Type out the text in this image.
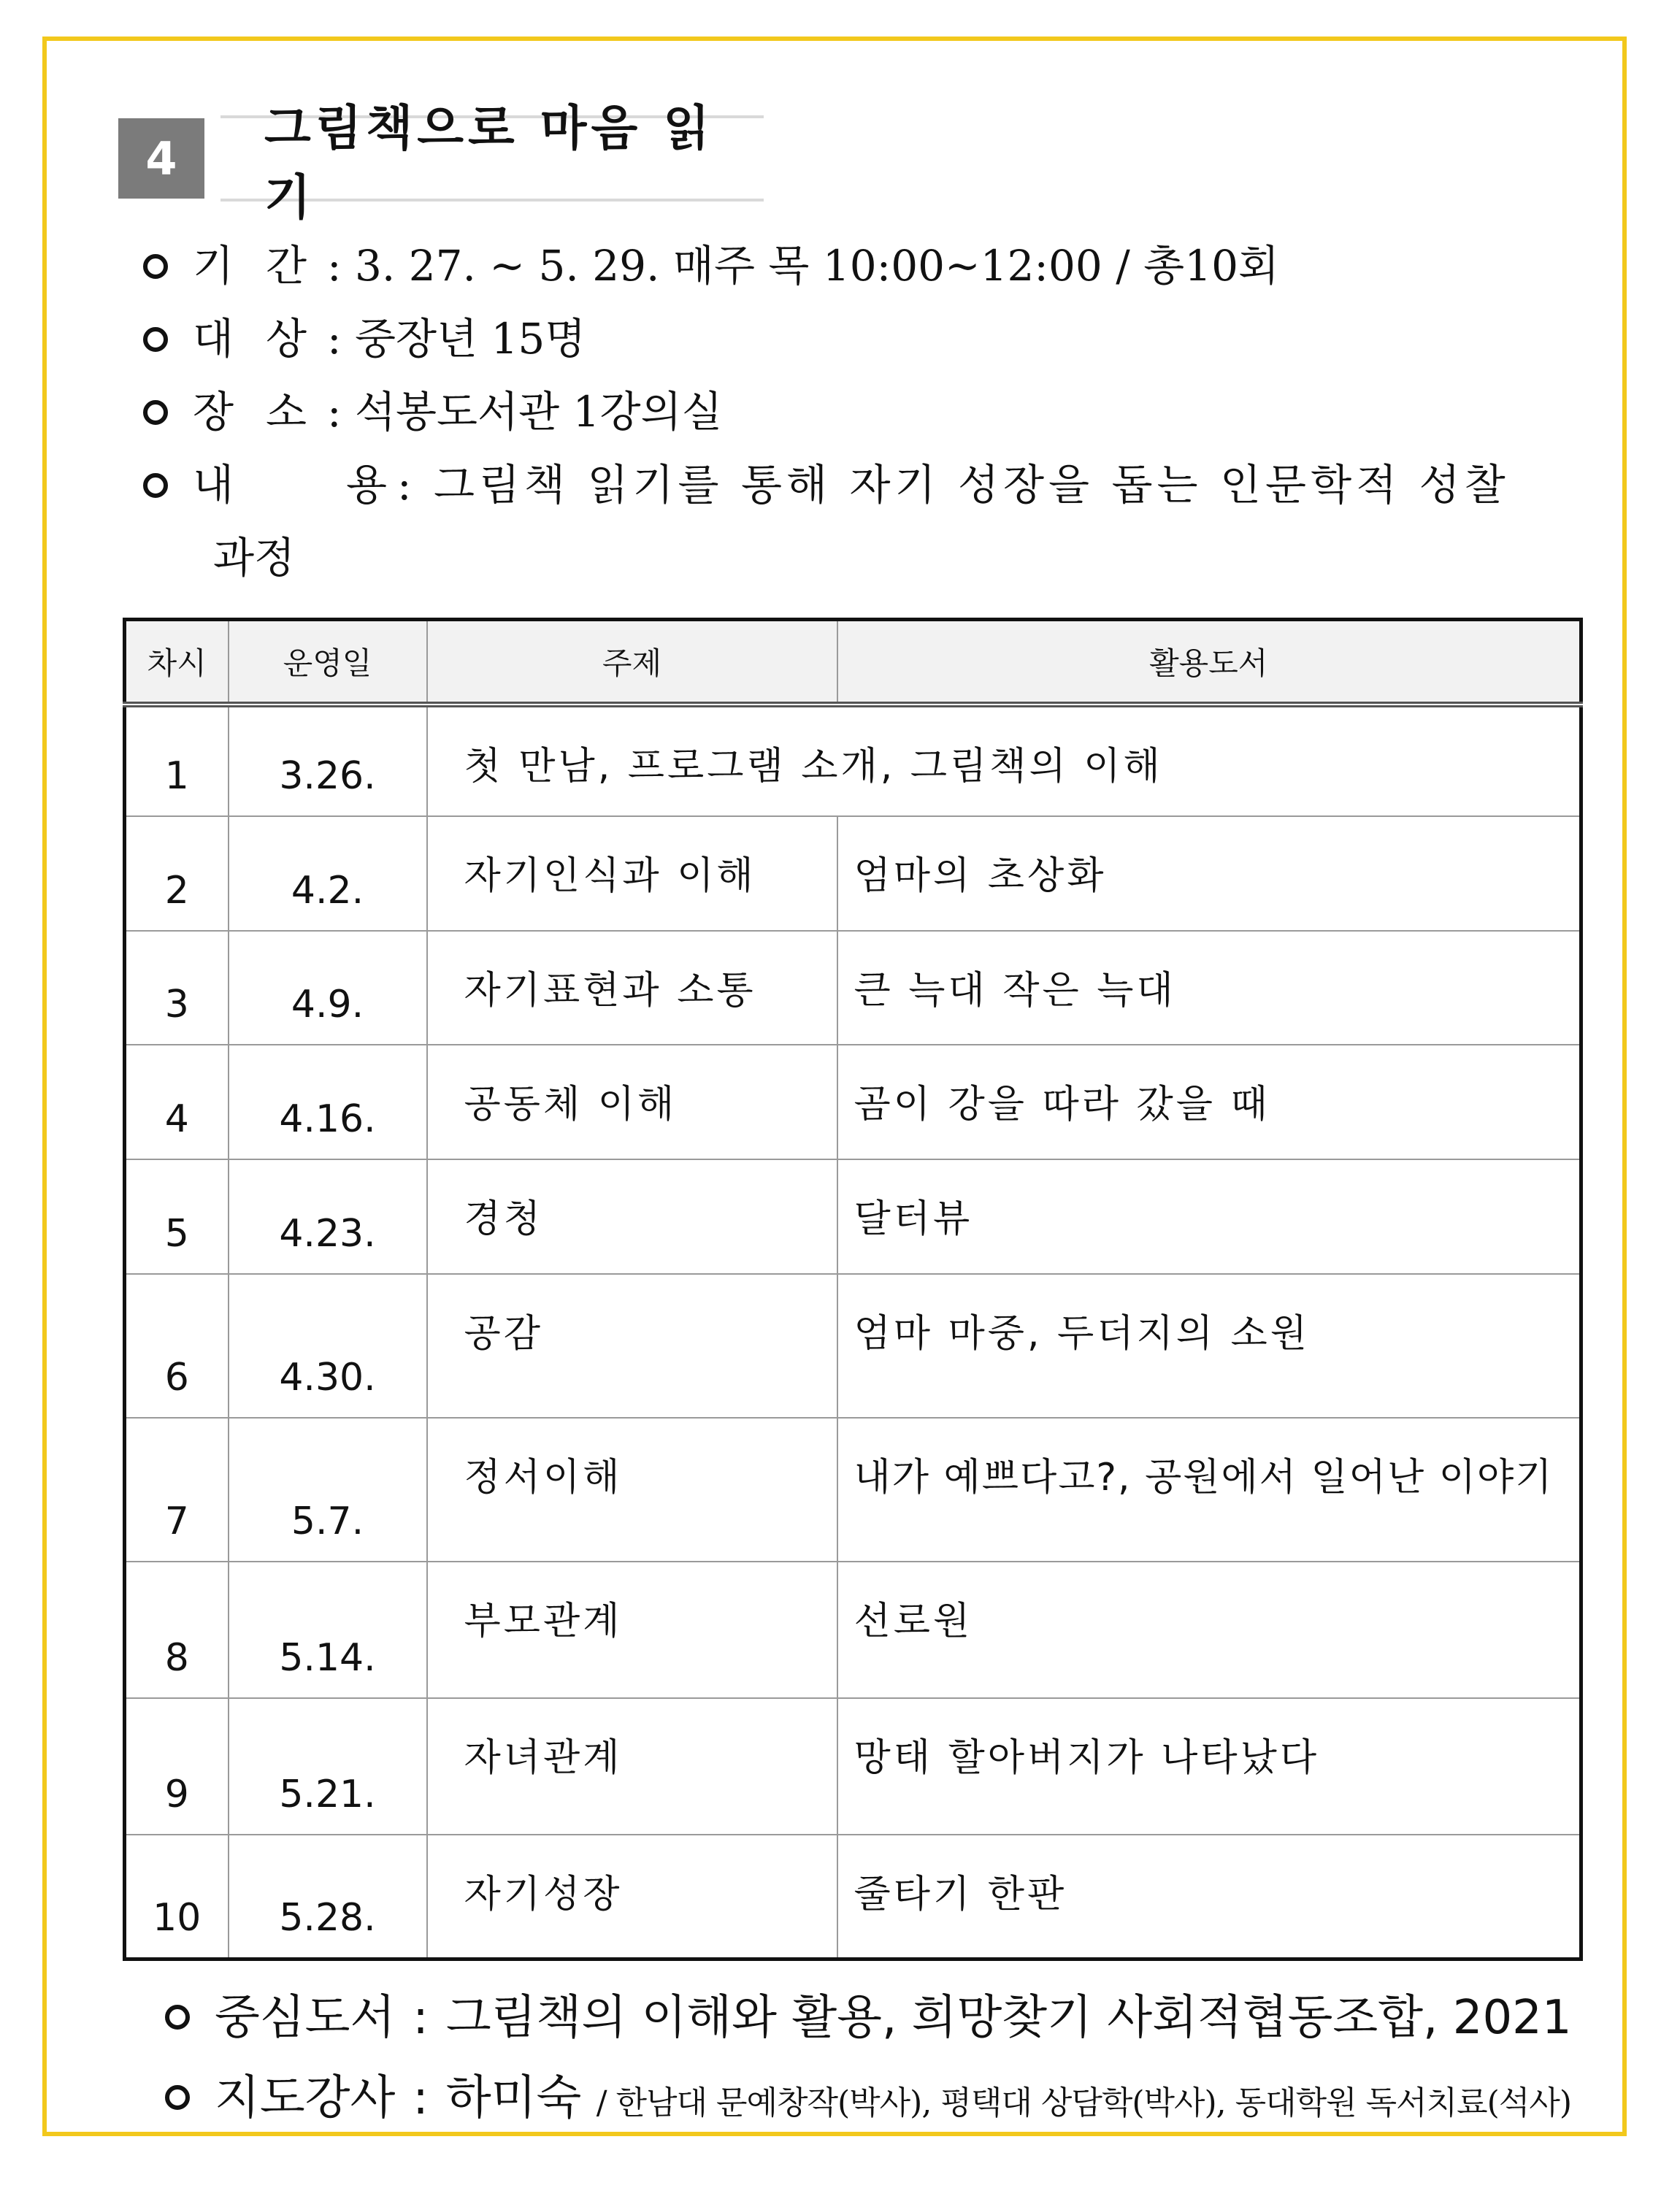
4
그림책으로 마음 읽기
기 간 : 3. 27. ~ 5. 29. 매주 목 10:00~12:00 / 총10회
대 상 : 중장년 15명
장 소 : 석봉도서관 1강의실
내	용 : 그림책 읽기를 통해 자기 성장을 돕는 인문학적 성찰
과정
차시	운영일	주제	활용도서
1	3.26.	첫 만남, 프로그램 소개, 그림책의 이해	
2	4.2.	자기인식과 이해	엄마의 초상화
3	4.9.	자기표현과 소통	큰 늑대 작은 늑대
4	4.16.	공동체 이해	곰이 강을 따라 갔을 때
5	4.23.	경청	달터뷰
6	4.30.	공감	엄마 마중, 두더지의 소원
7	5.7.	정서이해	내가 예쁘다고?, 공원에서 일어난 이야기
8	5.14.	부모관계	선로원
9	5.21.	자녀관계	망태 할아버지가 나타났다
10	5.28.	자기성장	줄타기 한판
중심도서 : 그림책의 이해와 활용, 희망찾기 사회적협동조합, 2021
지도강사 : 하미숙 / 한남대 문예창작(박사), 평택대 상담학(박사), 동대학원 독서치료(석사)
